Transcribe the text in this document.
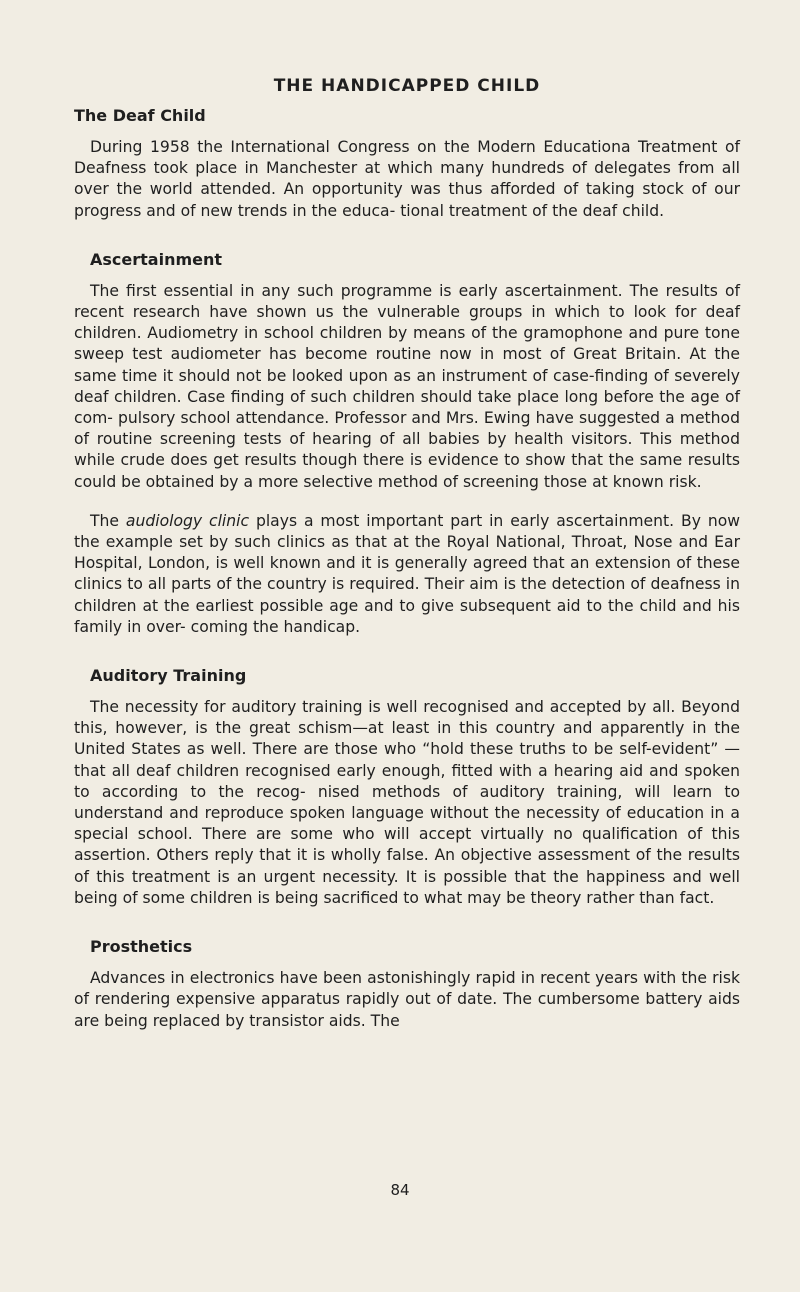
THE HANDICAPPED CHILD
The Deaf Child

During 1958 the International Congress on the Modern Educationa Treatment of Deafness took place in Manchester at which many hundreds of delegates from all over the world attended. An opportunity was thus afforded of taking stock of our progress and of new trends in the educa- tional treatment of the deaf child.

Ascertainment

The first essential in any such programme is early ascertainment. The results of recent research have shown us the vulnerable groups in which to look for deaf children. Audiometry in school children by means of the gramophone and pure tone sweep test audiometer has become routine now in most of Great Britain. At the same time it should not be looked upon as an instrument of case-finding of severely deaf children. Case finding of such children should take place long before the age of com- pulsory school attendance. Professor and Mrs. Ewing have suggested a method of routine screening tests of hearing of all babies by health visitors. This method while crude does get results though there is evidence to show that the same results could be obtained by a more selective method of screening those at known risk.

The audiology clinic plays a most important part in early ascertainment. By now the example set by such clinics as that at the Royal National, Throat, Nose and Ear Hospital, London, is well known and it is generally agreed that an extension of these clinics to all parts of the country is required. Their aim is the detection of deafness in children at the earliest possible age and to give subsequent aid to the child and his family in over- coming the handicap.

Auditory Training

The necessity for auditory training is well recognised and accepted by all. Beyond this, however, is the great schism—at least in this country and apparently in the United States as well. There are those who “hold these truths to be self-evident” —that all deaf children recognised early enough, fitted with a hearing aid and spoken to according to the recog- nised methods of auditory training, will learn to understand and reproduce spoken language without the necessity of education in a special school. There are some who will accept virtually no qualification of this assertion. Others reply that it is wholly false. An objective assessment of the results of this treatment is an urgent necessity. It is possible that the happiness and well being of some children is being sacrificed to what may be theory rather than fact.

Prosthetics

Advances in electronics have been astonishingly rapid in recent years with the risk of rendering expensive apparatus rapidly out of date. The cumbersome battery aids are being replaced by transistor aids. The

84
